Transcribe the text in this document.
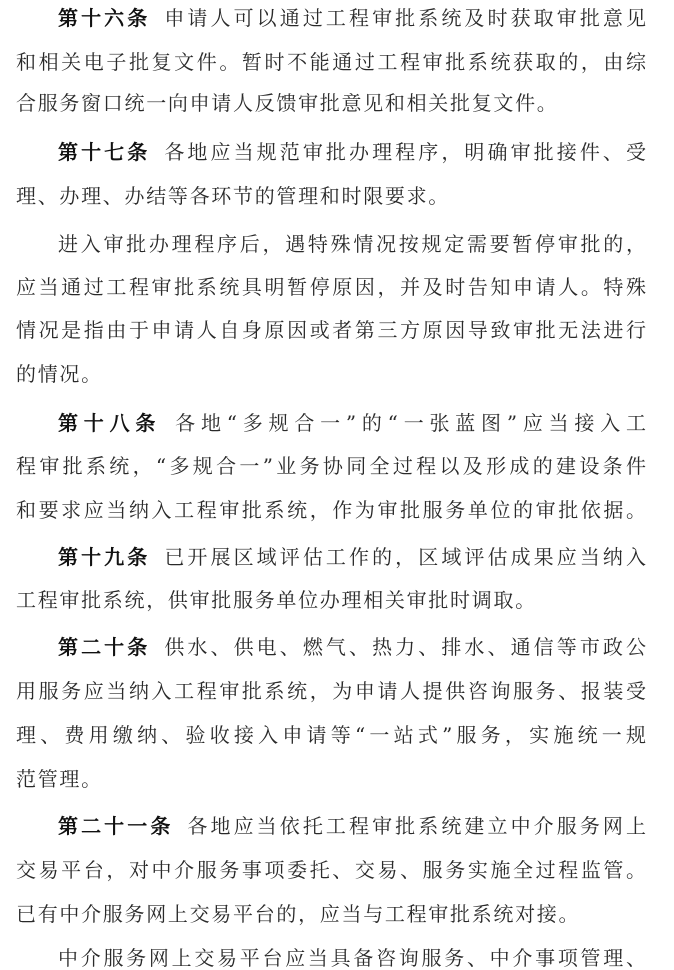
第十六条 申请人可以通过工程审批系统及时获取审批意见
和相关电子批复文件。暂时不能通过工程审批系统获取的，由综
合服务窗口统一向申请人反馈审批意见和相关批复文件。
第十七条 各地应当规范审批办理程序，明确审批接件、受
理、办理、办结等各环节的管理和时限要求。
进入审批办理程序后，遇特殊情况按规定需要暂停审批的，
应当通过工程审批系统具明暂停原因，并及时告知申请人。特殊
情况是指由于申请人自身原因或者第三方原因导致审批无法进行
的情况。
第十八条 各地“多规合一”的“一张蓝图”应当接入工
程审批系统，“多规合一”业务协同全过程以及形成的建设条件
和要求应当纳入工程审批系统，作为审批服务单位的审批依据。
第十九条 已开展区域评估工作的，区域评估成果应当纳入
工程审批系统，供审批服务单位办理相关审批时调取。
第二十条 供水、供电、燃气、热力、排水、通信等市政公
用服务应当纳入工程审批系统，为申请人提供咨询服务、报装受
理、费用缴纳、验收接入申请等“一站式”服务，实施统一规
范管理。
第二十一条 各地应当依托工程审批系统建立中介服务网上
交易平台，对中介服务事项委托、交易、服务实施全过程监管。
已有中介服务网上交易平台的，应当与工程审批系统对接。
中介服务网上交易平台应当具备咨询服务、中介事项管理、
